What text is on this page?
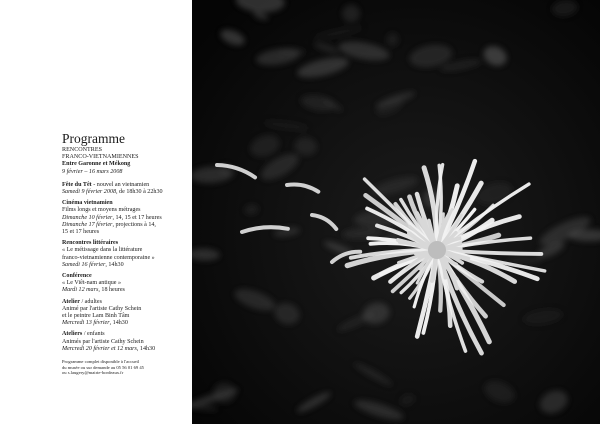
Programme
RENCONTRES
FRANCO-VIETNAMIENNES
Entre Garonne et Mékong
9 février – 16 mars 2008
Fête du Têt - nouvel an vietnamien
Samedi 9 février 2008, de 18h30 à 22h30
Cinéma vietnamien
Films longs et moyens métrages
Dimanche 10 février, 14, 15 et 17 heures
Dimanche 17 février, projections à 14,
15 et 17 heures
Rencontres littéraires
« Le métissage dans la littérature
franco-vietnamienne contemporaine »
Samedi 16 février, 14h30
Conférence
« Le Viêt-nam antique »
Mardi 12 mars, 18 heures
Atelier / adultes
Animé par l'artiste Cathy Schein
et le peintre Lam Binh Tâm
Mercredi 13 février, 14h30
Ateliers / enfants
Animés par l'artiste Cathy Schein
Mercredi 20 février et 12 mars, 14h30
Programme complet disponible à l'accueil
du musée ou sur demande au 05 56 01 69 45
ou s.laugery@mairie-bordeaux.fr
